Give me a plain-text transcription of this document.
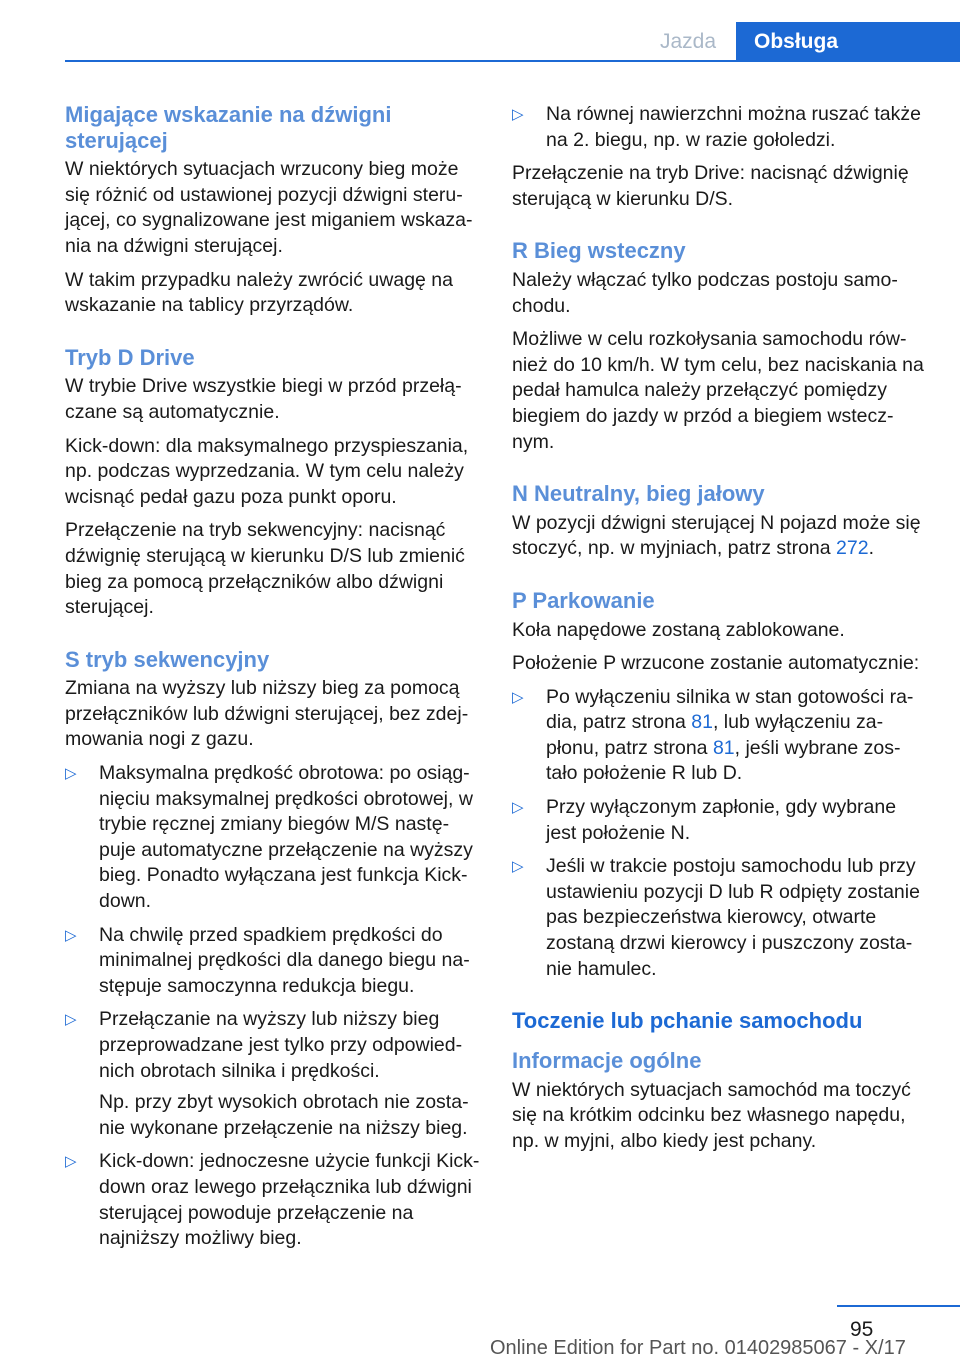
Jazda	Obsługa
Migające wskazanie na dźwigni sterującej

W niektórych sytuacjach wrzucony bieg może się różnić od ustawionej pozycji dźwigni steru‐jącej, co sygnalizowane jest miganiem wskaza‐nia na dźwigni sterującej.

W takim przypadku należy zwrócić uwagę na wskazanie na tablicy przyrządów.

Tryb D Drive

W trybie Drive wszystkie biegi w przód przełą‐czane są automatycznie.

Kick-down: dla maksymalnego przyspieszania, np. podczas wyprzedzania. W tym celu należy wcisnąć pedał gazu poza punkt oporu.

Przełączenie na tryb sekwencyjny: nacisnąć dźwignię sterującą w kierunku D/S lub zmienić bieg za pomocą przełączników albo dźwigni sterującej.

S tryb sekwencyjny

Zmiana na wyższy lub niższy bieg za pomocą przełączników lub dźwigni sterującej, bez zdej‐mowania nogi z gazu.

▷ Maksymalna prędkość obrotowa: po osiąg‐nięciu maksymalnej prędkości obrotowej, w trybie ręcznej zmiany biegów M/S nastę‐puje automatyczne przełączenie na wyższy bieg. Ponadto wyłączana jest funkcja Kick-down.
▷ Na chwilę przed spadkiem prędkości do minimalnej prędkości dla danego biegu na‐stępuje samoczynna redukcja biegu.
▷ Przełączanie na wyższy lub niższy bieg przeprowadzane jest tylko przy odpowied‐nich obrotach silnika i prędkości.

Np. przy zbyt wysokich obrotach nie zosta‐nie wykonane przełączenie na niższy bieg.

▷ Kick-down: jednoczesne użycie funkcji Kick-down oraz lewego przełącznika lub dźwigni sterującej powoduje przełączenie na najniższy możliwy bieg.
▷ Na równej nawierzchni można ruszać także na 2. biegu, np. w razie gołoledzi.

Przełączenie na tryb Drive: nacisnąć dźwignię sterującą w kierunku D/S.

R Bieg wsteczny

Należy włączać tylko podczas postoju samo‐chodu.

Możliwe w celu rozkołysania samochodu rów‐nież do 10 km/h. W tym celu, bez naciskania na pedał hamulca należy przełączyć pomiędzy biegiem do jazdy w przód a biegiem wstecz‐nym.

N Neutralny, bieg jałowy

W pozycji dźwigni sterującej N pojazd może się stoczyć, np. w myjniach, patrz strona 272.

P Parkowanie

Koła napędowe zostaną zablokowane.

Położenie P wrzucone zostanie automatycznie:

▷ Po wyłączeniu silnika w stan gotowości ra‐dia, patrz strona 81, lub wyłączeniu za‐płonu, patrz strona 81, jeśli wybrane zos‐tało położenie R lub D.
▷ Przy wyłączonym zapłonie, gdy wybrane jest położenie N.
▷ Jeśli w trakcie postoju samochodu lub przy ustawieniu pozycji D lub R odpięty zostanie pas bezpieczeństwa kierowcy, otwarte zostaną drzwi kierowcy i puszczony zosta‐nie hamulec.
Toczenie lub pchanie samochodu
Informacje ogólne

W niektórych sytuacjach samochód ma toczyć się na krótkim odcinku bez własnego napędu, np. w myjni, albo kiedy jest pchany.

95
Online Edition for Part no. 01402985067 - X/17
